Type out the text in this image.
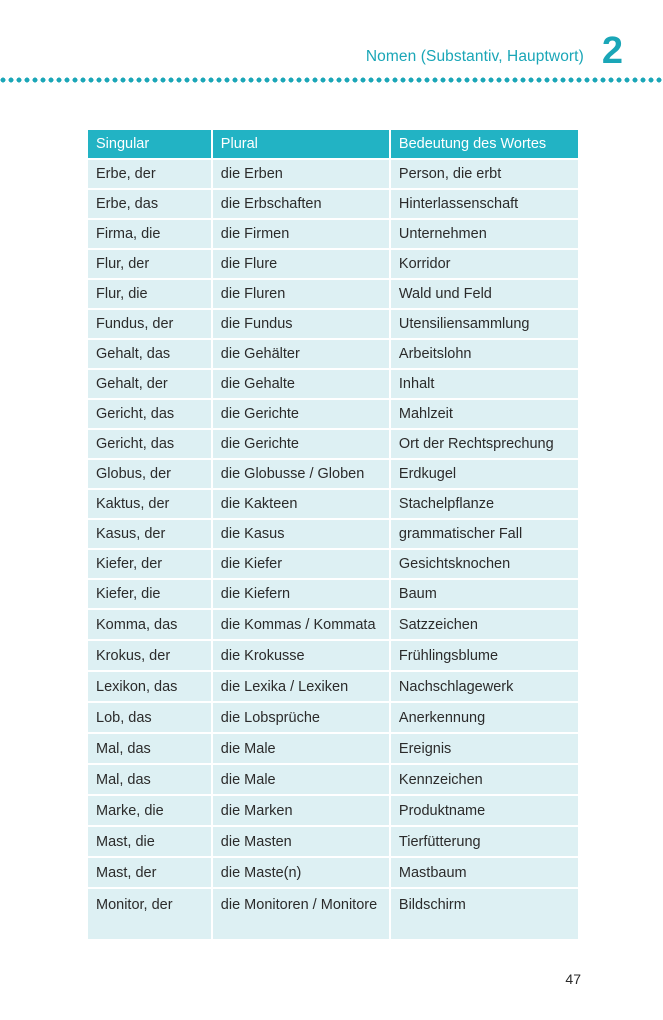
Nomen (Substantiv, Hauptwort) 2
Singular	Plural	Bedeutung des Wortes
Erbe, der	die Erben	Person, die erbt
Erbe, das	die Erbschaften	Hinterlassenschaft
Firma, die	die Firmen	Unternehmen
Flur, der	die Flure	Korridor
Flur, die	die Fluren	Wald und Feld
Fundus, der	die Fundus	Utensiliensammlung
Gehalt, das	die Gehälter	Arbeitslohn
Gehalt, der	die Gehalte	Inhalt
Gericht, das	die Gerichte	Mahlzeit
Gericht, das	die Gerichte	Ort der Rechtsprechung
Globus, der	die Globusse / Globen	Erdkugel
Kaktus, der	die Kakteen	Stachelpflanze
Kasus, der	die Kasus	grammatischer Fall
Kiefer, der	die Kiefer	Gesichtsknochen
Kiefer, die	die Kiefern	Baum
Komma, das	die Kommas / Kommata	Satzzeichen
Krokus, der	die Krokusse	Frühlingsblume
Lexikon, das	die Lexika / Lexiken	Nachschlagewerk
Lob, das	die Lobsprüche	Anerkennung
Mal, das	die Male	Ereignis
Mal, das	die Male	Kennzeichen
Marke, die	die Marken	Produktname
Mast, die	die Masten	Tierfütterung
Mast, der	die Maste(n)	Mastbaum
Monitor, der	die Monitoren / Monitore	Bildschirm
47
